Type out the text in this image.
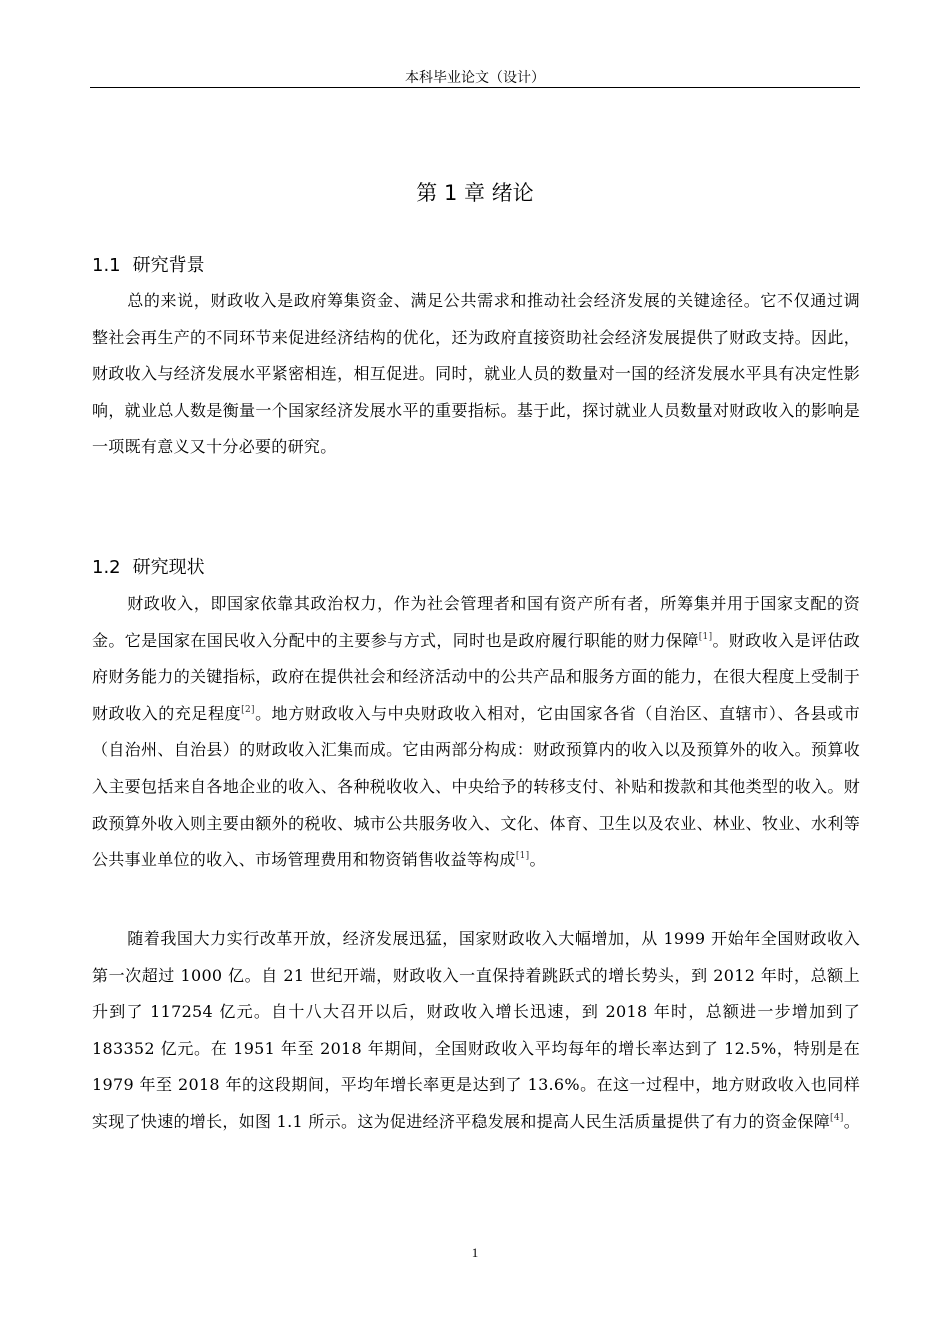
本科毕业论文（设计）
第 1 章 绪论
1.1 研究背景
总的来说，财政收入是政府筹集资金、满足公共需求和推动社会经济发展的关键途径。它不仅通过调整社会再生产的不同环节来促进经济结构的优化，还为政府直接资助社会经济发展提供了财政支持。因此，财政收入与经济发展水平紧密相连，相互促进。同时，就业人员的数量对一国的经济发展水平具有决定性影响，就业总人数是衡量一个国家经济发展水平的重要指标。基于此，探讨就业人员数量对财政收入的影响是一项既有意义又十分必要的研究。
1.2 研究现状
财政收入，即国家依靠其政治权力，作为社会管理者和国有资产所有者，所筹集并用于国家支配的资金。它是国家在国民收入分配中的主要参与方式，同时也是政府履行职能的财力保障[1]。财政收入是评估政府财务能力的关键指标，政府在提供社会和经济活动中的公共产品和服务方面的能力，在很大程度上受制于财政收入的充足程度[2]。地方财政收入与中央财政收入相对，它由国家各省（自治区、直辖市）、各县或市（自治州、自治县）的财政收入汇集而成。它由两部分构成：财政预算内的收入以及预算外的收入。预算收入主要包括来自各地企业的收入、各种税收收入、中央给予的转移支付、补贴和拨款和其他类型的收入。财政预算外收入则主要由额外的税收、城市公共服务收入、文化、体育、卫生以及农业、林业、牧业、水利等公共事业单位的收入、市场管理费用和物资销售收益等构成[1]。
随着我国大力实行改革开放，经济发展迅猛，国家财政收入大幅增加，从 1999 开始年全国财政收入第一次超过 1000 亿。自 21 世纪开端，财政收入一直保持着跳跃式的增长势头，到 2012 年时，总额上升到了 117254 亿元。自十八大召开以后，财政收入增长迅速，到 2018 年时，总额进一步增加到了 183352 亿元。在 1951 年至 2018 年期间，全国财政收入平均每年的增长率达到了 12.5%，特别是在 1979 年至 2018 年的这段期间，平均年增长率更是达到了 13.6%。在这一过程中，地方财政收入也同样实现了快速的增长，如图 1.1 所示。这为促进经济平稳发展和提高人民生活质量提供了有力的资金保障[4]。
1
